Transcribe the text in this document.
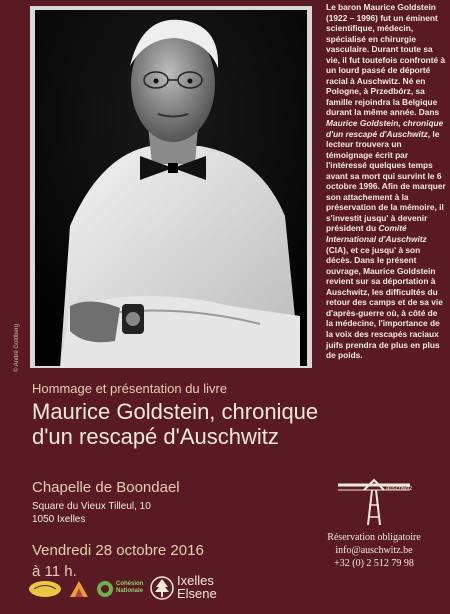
© André Goldberg
Le baron Maurice Goldstein (1922 – 1996) fut un éminent scientifique, médecin, spécialisé en chirurgie vasculaire. Durant toute sa vie, il fut toutefois confronté à un lourd passé de déporté racial à Auschwitz. Né en Pologne, à Przedbórz, sa famille rejoindra la Belgique durant la même année. Dans Maurice Goldstein, chronique d'un rescapé d'Auschwitz, le lecteur trouvera un témoignage écrit par l'intéressé quelques temps avant sa mort qui survint le 6 octobre 1996. Afin de marquer son attachement à la préservation de la mémoire, il s'investit jusqu' à devenir président du Comité International d'Auschwitz (CIA), et ce jusqu' à son décès. Dans le présent ouvrage, Maurice Goldstein revient sur sa déportation à Auschwitz, les difficultés du retour des camps et de sa vie d'après-guerre où, à côté de la médecine, l'importance de la voix des rescapés raciaux juifs prendra de plus en plus de poids.
Hommage et présentation du livre
Maurice Goldstein, chronique
d'un rescapé d'Auschwitz
Chapelle de Boondael
Square du Vieux Tilleul, 10
1050 Ixelles
Vendredi 28 octobre 2016
à 11 h.
auschwitz
Réservation obligatoire
info@auschwitz.be
+32 (0) 2 512 79 98
Cohésion Nationale
Ixelles
Elsene
